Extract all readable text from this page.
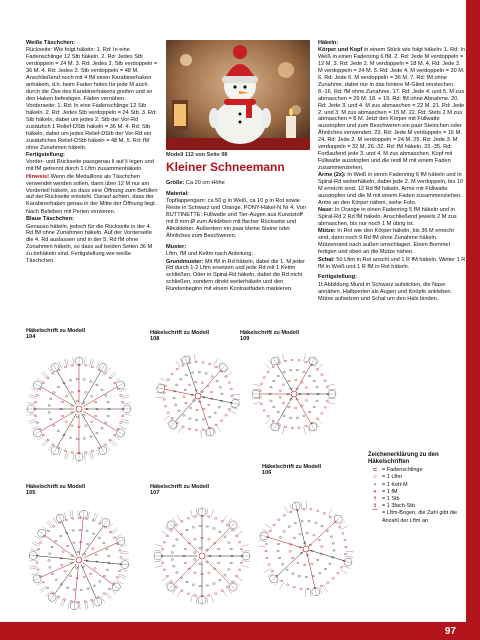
Weiße Täschchen:

Rückseite: Wie folgt häkeln: 1. Rd: In eine Fadenschlinge 12 Stb häkeln. 2. Rd: Jedes Stb verdoppeln = 24 M. 3. Rd: Jedes 2. Stb verdoppeln = 36 M. 4. Rd: Jedes 3. Stb verdoppeln = 48 M. Anschließend noch mit 4 fM einen Karabinerhaken anhäkeln, d.h. beim Faden holen für jede M auch durch die Öse des Karabinerhakens greifen und so den Haken befestigen. Fäden vernähen.

Vorderseite: 1. Rd: In eine Fadenschlinge 12 Stb häkeln. 2. Rd: Jedes Stb verdoppeln = 24 Stb. 3. Rd: Stb häkeln, dabei um jedes 2. Stb der Vor-Rd zusätzlich 1 Relief-DStb häkeln = 36 M. 4. Rd: Stb häkeln, dabei um jedes Relief-DStb der Vor-Rd ein zusätzliches Relief-DStb häkeln = 48 M. 5. Rd: fM ohne Zunahmen häkeln.

Fertigstellung:

Vorder- und Rückseite passgenau li auf li legen und mit fM getrennt durch 1 Lftm zusammenhäkeln.

Hinweis! Wenn die Medaillons als Täschchen verwendet werden sollen, dann über 12 M nur am Vorderteil häkeln, so dass eine Öffnung zum Befüllen auf der Rückseite entsteht. Darauf achten, dass der Karabinerhaken genau in der Mitte der Öffnung liegt.

Nach Belieben mit Perlen verzieren.

Blaue Täschchen:

Genauso häkeln, jedoch für die Rückseite in der 4. Rd fM ohne Zunahmen häkeln. Auf der Vorderseite die 4. Rd auslassen und in der 5. Rd fM ohne Zunahmen häkeln, so dass auf beiden Seiten 36 M zu behäkeln sind. Fertigstellung wie weiße Täschchen.

Modell 112 von Seite 98
Kleiner Schneemann

Größe: Ca 20 cm Höhe

Material:

Topflappengarn: ca 50 g in Weiß, ca 10 g in Rot sowie Reste in Schwarz und Orange. PONY-Häkel-N Nr 4. Von BUTTINETTE: Füllwatte und Tier-Augen aus Kunststoff mit 8 mm Ø zum Ankleben mit flacher Rückseite und Alleskleber. Außerdem ein paar kleine Steine oder Ähnliches zum Beschweren.

Muster:

Lftm, fM und Kettm nach Anleitung.

Grundmuster: Mit fM in Rd häkeln, dabei die 1. M jeder Rd durch 1-2 Lftm ersetzen und jede Rd mit 1 Kettm schließen. Oder in Spiral-Rd häkeln, dabei die Rd nicht schließen, sondern direkt weiterhäkeln und den Rundenbeginn mit einem Kontrastfaden markieren.

Häkeln:

Körper und Kopf in einem Stück wie folgt häkeln: 1. Rd: In Weiß in einen Fadenring 6 fM. 2. Rd: Jede M verdoppeln = 12 M. 3. Rd: Jede 2. M verdoppeln = 18 M. 4. Rd: Jede 3. M verdoppeln = 24 M. 5. Rd: Jede 4. M verdoppeln = 30 M. 6. Rd: Jede 6. M verdoppeln = 36 M. 7. Rd: fM ohne Zunahme, dabei nur in das hintere M-Glied einstechen. 8.-16. Rd: fM ohne Zunahme. 17. Rd: Jede 4. und 5. M zus abmaschen = 29 M. 18. + 19. Rd: fM ohne Abnahme. 20. Rd: Jede 3. und 4. M zus abmaschen = 22 M. 21. Rd: Jede 2. und 3. M zus abmaschen = 15 M. 22. Rd: Stets 2 M zus abmaschen = 8 M. Jetzt den Körper mit Füllwatte ausstopfen und zum Beschweren ein paar Steinchen oder Ähnliches verwenden. 23. Rd: Jede M verdoppeln = 16 M. 24. Rd: Jede 2. M verdoppeln = 24 M. 25. Rd: Jede 3. M verdoppeln = 32 M. 26.-32. Rd: fM häkeln. 33.-35. Rd: Fortlaufend jede 3. und 4. M zus abmaschen. Kopf mit Füllwatte ausstopfen und die restl M mit einem Faden zusammenziehen.

Arme (2x): In Weiß in einen Fadenring 6 fM häkeln und in Spiral-Rd weiterhäkeln, dabei jede 2. M verdoppeln, bis 10 M erreicht sind. 12 Rd fM häkeln. Arme mit Füllwatte ausstopfen und die M mit einem Faden zusammenziehen. Arme an den Körper nähen, siehe Foto.

Nase: In Orange in einen Fadenring 5 fM häkeln und in Spiral-Rd 2 Rd fM häkeln. Anschließend jeweils 2 M zus abmaschen, bis nur noch 1 M übrig ist.

Mütze: In Rot wie den Körper häkeln, bis 36 M erreicht sind, dann noch 9 Rd fM ohne Zunahme häkeln. Mützenrand nach außen umschlagen. Einen Bommel fertigen und oben an die Mütze nähen.

Schal: 50 Lftm in Rot anschl und 1 R fM häkeln. Weiter 1 R fM in Weiß und 1 R fM in Rot häkeln.

Fertigstellung:

1t Abbildung Mund in Schwarz aufsticken, die Nase annähen. Halbperlen als Augen und Knöpfe ankleben. Mütze aufsetzen und Schal um den Hals binden.

Häkelschrift zu Modell 104
Häkelschrift zu Modell 108
Häkelschrift zu Modell 109
Häkelschrift zu Modell 105
Häkelschrift zu Modell 107
Häkelschrift zu Modell 106
Zeichenerklärung zu den Häkelschriften
⊂ = Fadenschlinge
○ = 1 Lftm
•	= 1 Kett-M
+ = 1 fM
† = 1 Stb
‡ = 1 3fach-Stb
⌒ = Lftm-Bogen, die Zahl gibt die Anzahl der Lftm an
97
